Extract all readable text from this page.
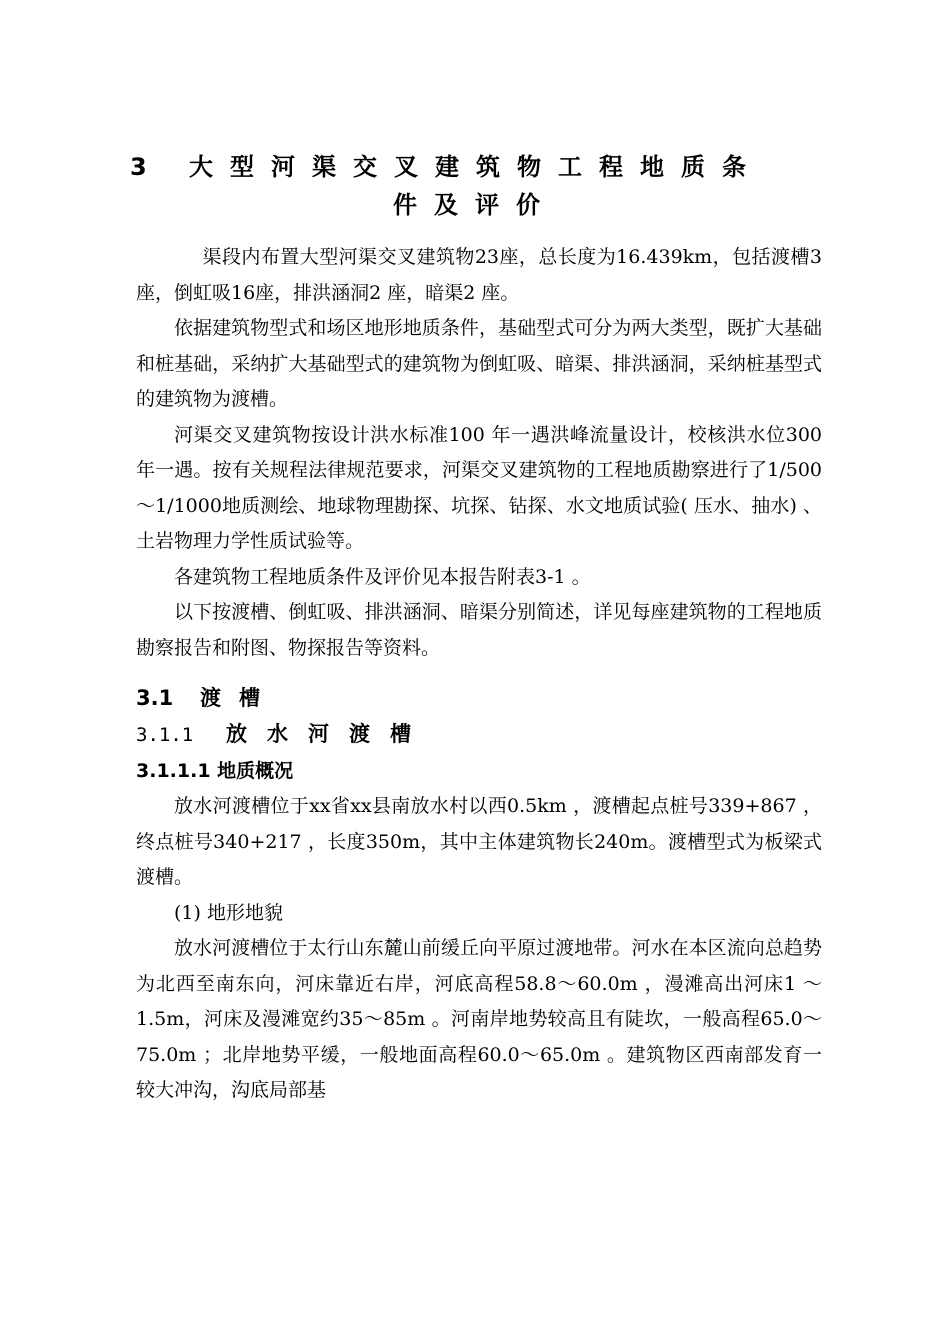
3 大型河渠交叉建筑物工程地质条
件及评价

渠段内布置大型河渠交叉建筑物23座，总长度为16.439km，包括渡槽3 座，倒虹吸16座，排洪涵洞2 座，暗渠2 座。

依据建筑物型式和场区地形地质条件，基础型式可分为两大类型，既扩大基础和桩基础，采纳扩大基础型式的建筑物为倒虹吸、暗渠、排洪涵洞，采纳桩基型式的建筑物为渡槽。

河渠交叉建筑物按设计洪水标准100 年一遇洪峰流量设计，校核洪水位300 年一遇。按有关规程法律规范要求，河渠交叉建筑物的工程地质勘察进行了1/500 ～1/1000地质测绘、地球物理勘探、坑探、钻探、水文地质试验( 压水、抽水) 、土岩物理力学性质试验等。

各建筑物工程地质条件及评价见本报告附表3-1 。

以下按渡槽、倒虹吸、排洪涵洞、暗渠分别简述，详见每座建筑物的工程地质勘察报告和附图、物探报告等资料。

3.1 渡槽
3.1.1 放水河渡槽
3.1.1.1 地质概况

放水河渡槽位于xx省xx县南放水村以西0.5km ，渡槽起点桩号339+867 ，终点桩号340+217 ，长度350m，其中主体建筑物长240m。渡槽型式为板梁式渡槽。

(1) 地形地貌

放水河渡槽位于太行山东麓山前缓丘向平原过渡地带。河水在本区流向总趋势为北西至南东向，河床靠近右岸，河底高程58.8～60.0m ，漫滩高出河床1 ～1.5m，河床及漫滩宽约35～85m 。河南岸地势较高且有陡坎，一般高程65.0～75.0m ；北岸地势平缓，一般地面高程60.0～65.0m 。建筑物区西南部发育一较大冲沟，沟底局部基
